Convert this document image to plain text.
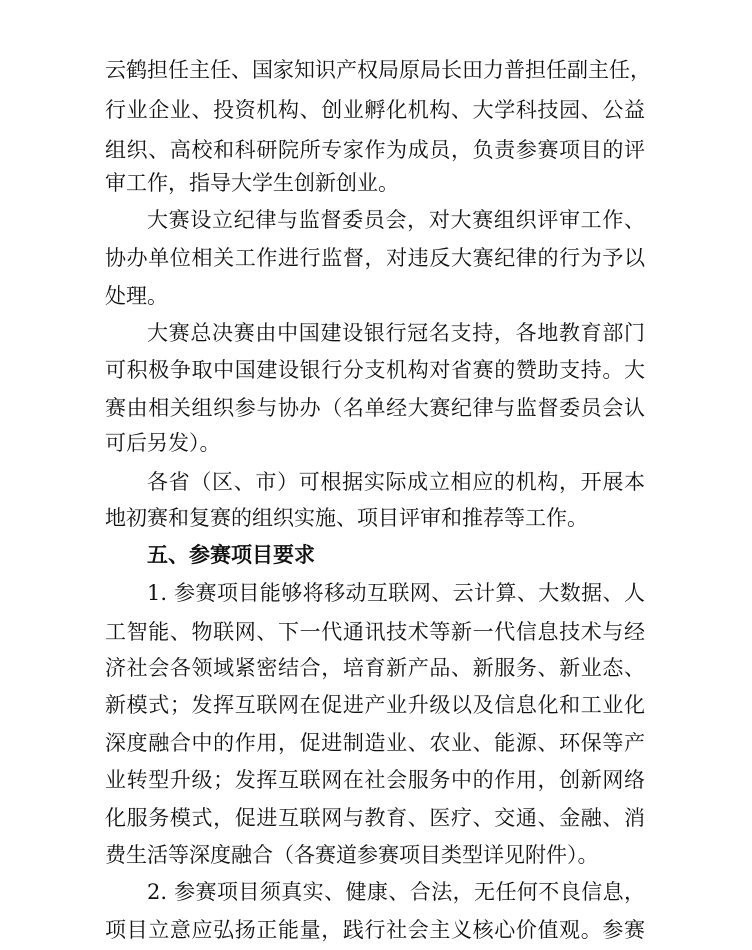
云鹤担任主任、国家知识产权局原局长田力普担任副主任，
行业企业、投资机构、创业孵化机构、大学科技园、公益
组织、高校和科研院所专家作为成员，负责参赛项目的评
审工作，指导大学生创新创业。
大赛设立纪律与监督委员会，对大赛组织评审工作、
协办单位相关工作进行监督，对违反大赛纪律的行为予以
处理。
大赛总决赛由中国建设银行冠名支持，各地教育部门
可积极争取中国建设银行分支机构对省赛的赞助支持。大
赛由相关组织参与协办（名单经大赛纪律与监督委员会认
可后另发）。
各省（区、市）可根据实际成立相应的机构，开展本
地初赛和复赛的组织实施、项目评审和推荐等工作。
五、参赛项目要求
1. 参赛项目能够将移动互联网、云计算、大数据、人
工智能、物联网、下一代通讯技术等新一代信息技术与经
济社会各领域紧密结合，培育新产品、新服务、新业态、
新模式；发挥互联网在促进产业升级以及信息化和工业化
深度融合中的作用，促进制造业、农业、能源、环保等产
业转型升级；发挥互联网在社会服务中的作用，创新网络
化服务模式，促进互联网与教育、医疗、交通、金融、消
费生活等深度融合（各赛道参赛项目类型详见附件）。
2. 参赛项目须真实、健康、合法，无任何不良信息，
项目立意应弘扬正能量，践行社会主义核心价值观。参赛
